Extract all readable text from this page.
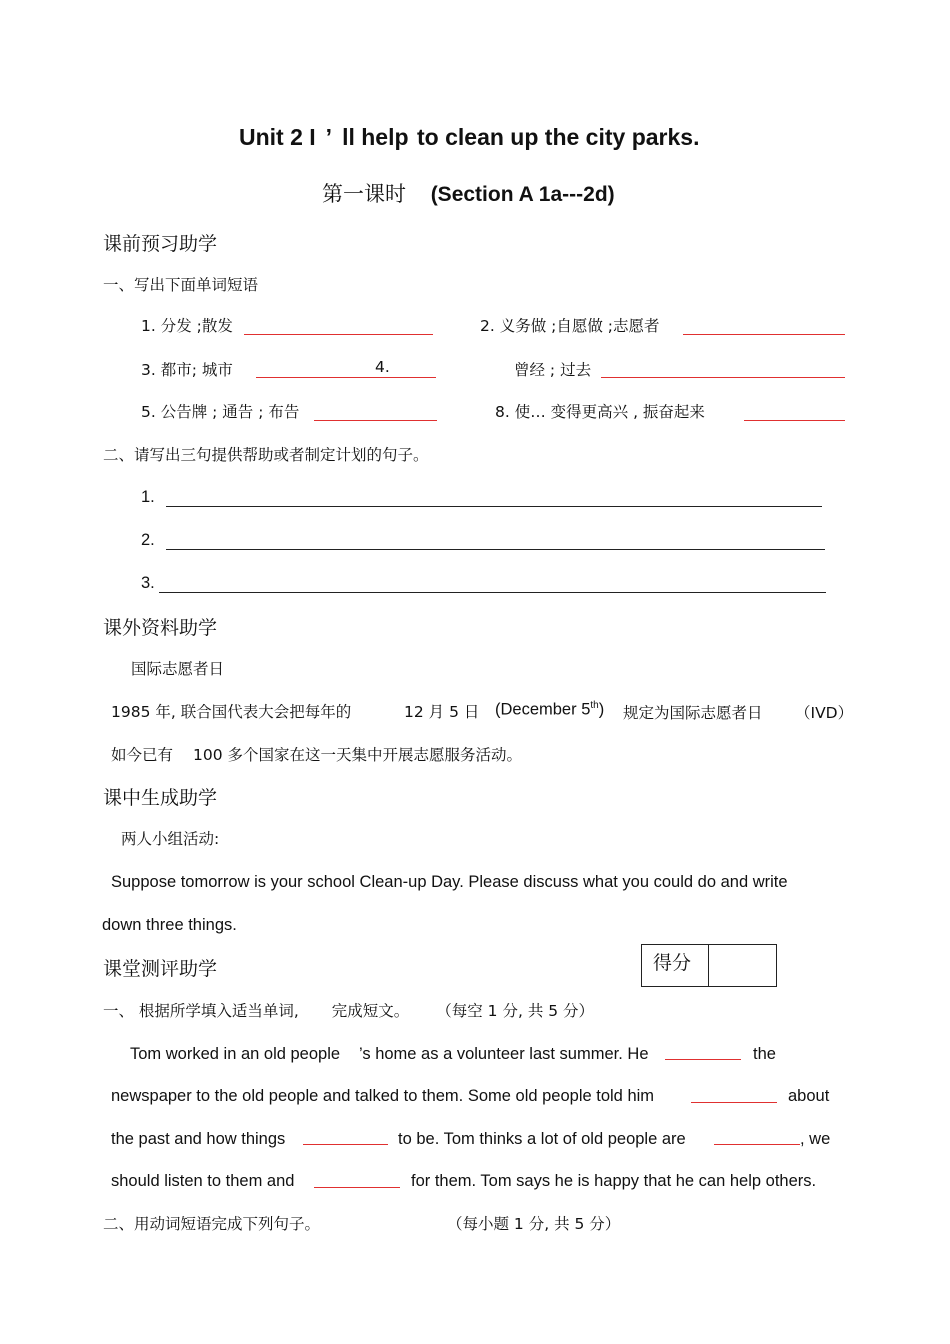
Unit 2 I ’ ll help to clean up the city parks.
第一课时 (Section A 1a---2d)
课前预习助学
一、写出下面单词短语
1. 分发 ;散发	2. 义务做 ;自愿做 ;志愿者
3. 都市; 城市	4.	曾经 ; 过去
5. 公告牌 ; 通告 ; 布告	8. 使… 变得更高兴 , 振奋起来
二、请写出三句提供帮助或者制定计划的句子。
1.
2.
3.
课外资料助学
国际志愿者日
1985 年, 联合国代表大会把每年的	12 月 5 日 (December 5th) 规定为国际志愿者日 （IVD）
如今已有 100 多个国家在这一天集中开展志愿服务活动。
课中生成助学
两人小组活动:
Suppose tomorrow is your school Clean-up Day. Please discuss what you could do and write
down three things.
课堂测评助学	得分
一、 根据所学填入适当单词, 完成短文。 （每空 1 分, 共 5 分）
Tom worked in an old people ’s home as a volunteer last summer. He	the
newspaper to the old people and talked to them. Some old people told him	about
the past and how things	to be. Tom thinks a lot of old people are	, we
should listen to them and	for them. Tom says he is happy that he can help others.
二、用动词短语完成下列句子。	（每小题 1 分, 共 5 分）
